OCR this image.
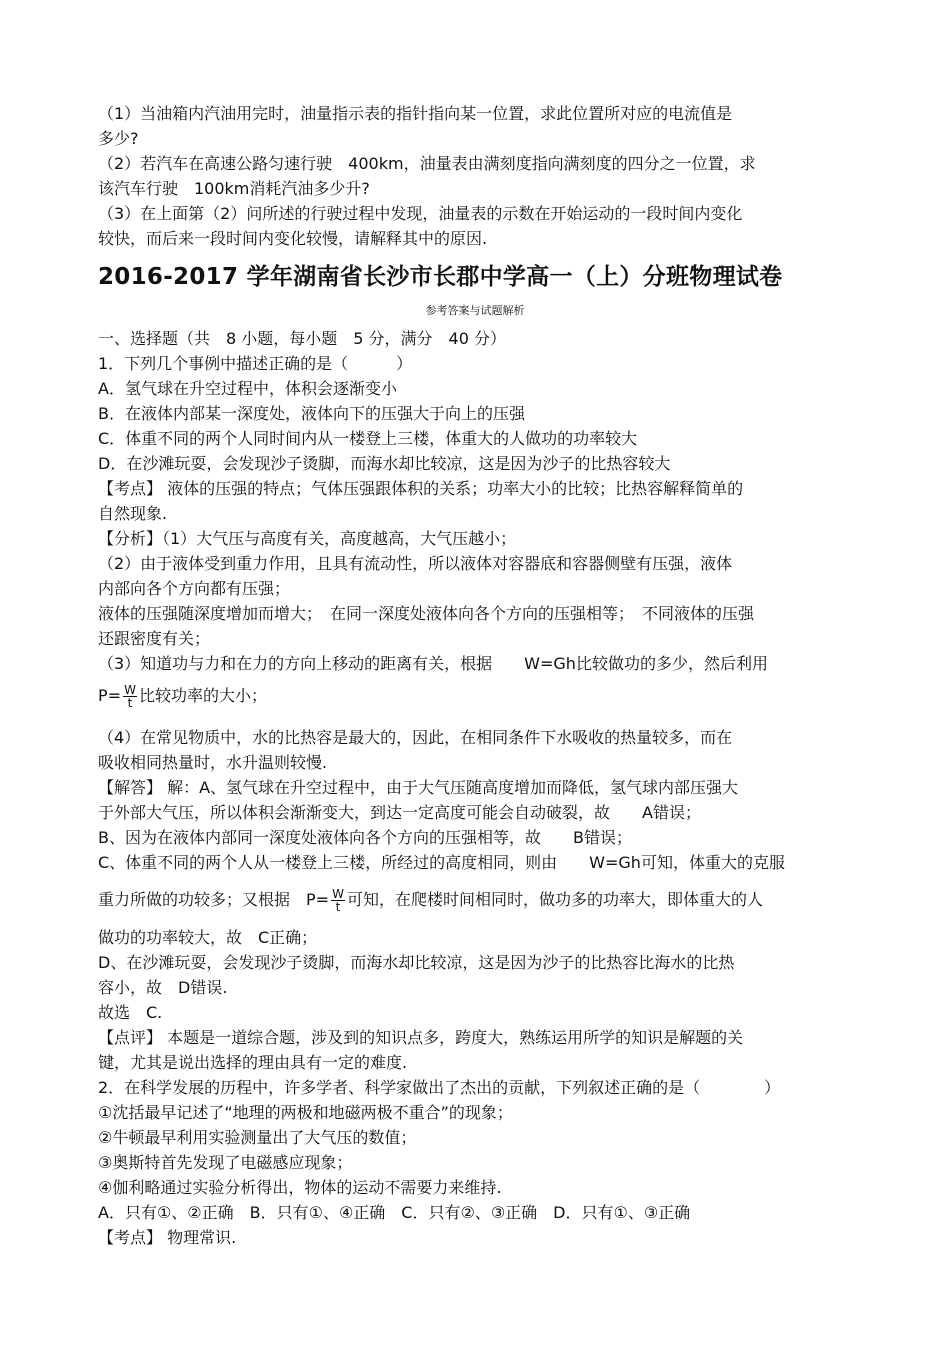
（1）当油箱内汽油用完时，油量指示表的指针指向某一位置，求此位置所对应的电流值是
多少?
（2）若汽车在高速公路匀速行驶　400km，油量表由满刻度指向满刻度的四分之一位置，求
该汽车行驶　100km消耗汽油多少升?
（3）在上面第（2）问所述的行驶过程中发现，油量表的示数在开始运动的一段时间内变化
较快，而后来一段时间内变化较慢，请解释其中的原因.
2016-2017 学年湖南省长沙市长郡中学高一（上）分班物理试卷
参考答案与试题解析
一、选择题（共　8 小题，每小题　5 分，满分　40 分）
1．下列几个事例中描述正确的是（　　　）
A．氢气球在升空过程中，体积会逐渐变小
B．在液体内部某一深度处，液体向下的压强大于向上的压强
C．体重不同的两个人同时间内从一楼登上三楼，体重大的人做功的功率较大
D．在沙滩玩耍，会发现沙子烫脚，而海水却比较凉，这是因为沙子的比热容较大
【考点】 液体的压强的特点；气体压强跟体积的关系；功率大小的比较；比热容解释简单的
自然现象.
【分析】（1）大气压与高度有关，高度越高，大气压越小；
（2）由于液体受到重力作用，且具有流动性，所以液体对容器底和容器侧壁有压强，液体
内部向各个方向都有压强；
液体的压强随深度增加而增大；　在同一深度处液体向各个方向的压强相等；　不同液体的压强
还跟密度有关；
（3）知道功与力和在力的方向上移动的距离有关，根据　　W=Gh比较做功的多少，然后利用
$P= \frac{W}{t}$ 比较功率的大小；
（4）在常见物质中，水的比热容是最大的，因此，在相同条件下水吸收的热量较多，而在
吸收相同热量时，水升温则较慢.
【解答】 解：A、氢气球在升空过程中，由于大气压随高度增加而降低，氢气球内部压强大
于外部大气压，所以体积会渐渐变大，到达一定高度可能会自动破裂，故　　A错误；
B、因为在液体内部同一深度处液体向各个方向的压强相等，故　　B错误；
C、体重不同的两个人从一楼登上三楼，所经过的高度相同，则由　　W=Gh可知，体重大的克服
重力所做的功较多；又根据　$P= \frac{W}{t}$ 可知，在爬楼时间相同时，做功多的功率大，即体重大的人
做功的功率较大，故　C正确；
D、在沙滩玩耍，会发现沙子烫脚，而海水却比较凉，这是因为沙子的比热容比海水的比热
容小，故　D错误.
故选　C.
【点评】 本题是一道综合题，涉及到的知识点多，跨度大，熟练运用所学的知识是解题的关
键，尤其是说出选择的理由具有一定的难度.
2．在科学发展的历程中，许多学者、科学家做出了杰出的贡献，下列叙述正确的是（　　　　）
①沈括最早记述了“地理的两极和地磁两极不重合”的现象；
②牛顿最早利用实验测量出了大气压的数值；
③奥斯特首先发现了电磁感应现象；
④伽利略通过实验分析得出，物体的运动不需要力来维持.
A．只有①、②正确　B．只有①、④正确　C．只有②、③正确　D．只有①、③正确
【考点】 物理常识.
